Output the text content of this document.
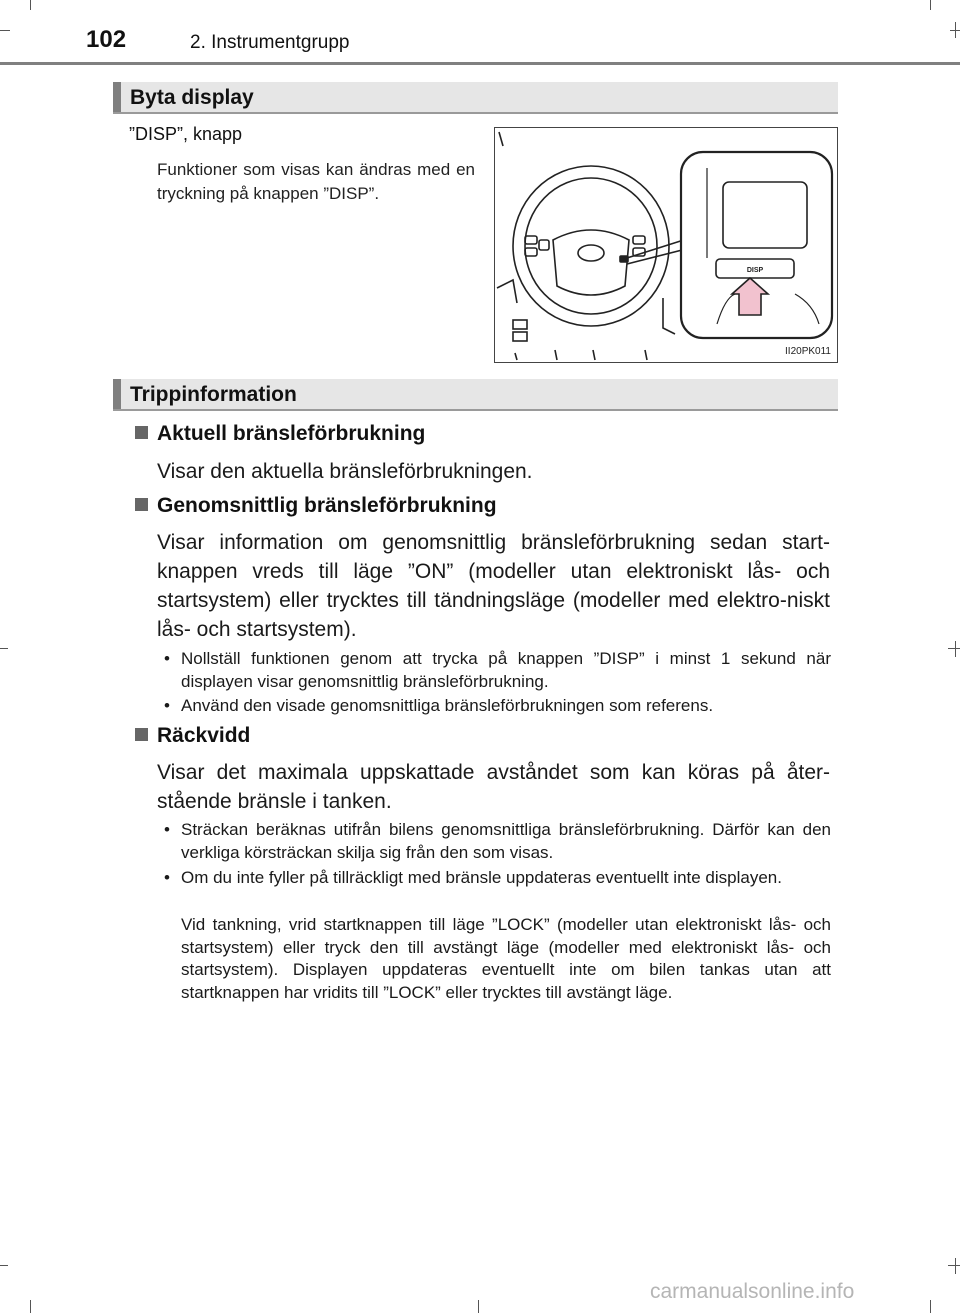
102	2. Instrumentgrupp
Byta display
”DISP”, knapp
Funktioner som visas kan ändras med en tryckning på knappen ”DISP”.
DISP
II20PK011
Trippinformation
Aktuell bränsleförbrukning
Visar den aktuella bränsleförbrukningen.
Genomsnittlig bränsleförbrukning
Visar information om genomsnittlig bränsleförbrukning sedan start-knappen vreds till läge ”ON” (modeller utan elektroniskt lås- och startsystem) eller trycktes till tändningsläge (modeller med elektro-niskt lås- och startsystem).
• Nollställ funktionen genom att trycka på knappen ”DISP” i minst 1 sekund när displayen visar genomsnittlig bränsleförbrukning.
• Använd den visade genomsnittliga bränsleförbrukningen som referens.
Räckvidd
Visar det maximala uppskattade avståndet som kan köras på åter-stående bränsle i tanken.
• Sträckan beräknas utifrån bilens genomsnittliga bränsleförbrukning. Därför kan den verkliga körsträckan skilja sig från den som visas.
• Om du inte fyller på tillräckligt med bränsle uppdateras eventuellt inte displayen.
Vid tankning, vrid startknappen till läge ”LOCK” (modeller utan elektroniskt lås- och startsystem) eller tryck den till avstängt läge (modeller med elektroniskt lås- och startsystem). Displayen uppdateras eventuellt inte om bilen tankas utan att startknappen har vridits till ”LOCK” eller trycktes till avstängt läge.
carmanualsonline.info
